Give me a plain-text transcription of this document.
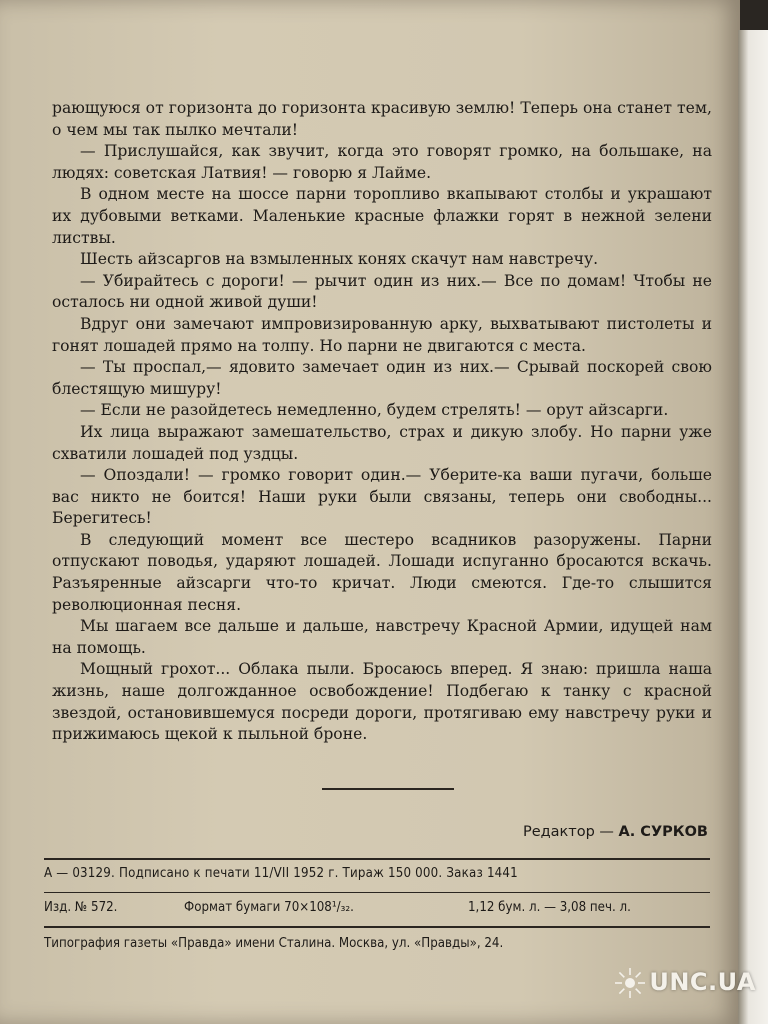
рающуюся от горизонта до горизонта красивую землю! Теперь она станет тем, о чем мы так пылко мечтали!

— Прислушайся, как звучит, когда это говорят громко, на большаке, на людях: советская Латвия! — говорю я Лайме.

В одном месте на шоссе парни торопливо вкапывают столбы и украшают их дубовыми ветками. Маленькие красные флажки горят в нежной зелени листвы.

Шесть айзсаргов на взмыленных конях скачут нам навстречу.

— Убирайтесь с дороги! — рычит один из них.— Все по домам! Чтобы не осталось ни одной живой души!

Вдруг они замечают импровизированную арку, выхватывают пистолеты и гонят лошадей прямо на толпу. Но парни не двигаются с места.

— Ты проспал,— ядовито замечает один из них.— Срывай поскорей свою блестящую мишуру!

— Если не разойдетесь немедленно, будем стрелять! — орут айзсарги.

Их лица выражают замешательство, страх и дикую злобу. Но парни уже схватили лошадей под уздцы.

— Опоздали! — громко говорит один.— Уберите-ка ваши пугачи, больше вас никто не боится! Наши руки были связаны, теперь они свободны... Берегитесь!

В следующий момент все шестеро всадников разоружены. Парни отпускают поводья, ударяют лошадей. Лошади испуганно бросаются вскачь. Разъяренные айзсарги что-то кричат. Люди смеются. Где-то слышится революционная песня.

Мы шагаем все дальше и дальше, навстречу Красной Армии, идущей нам на помощь.

Мощный грохот... Облака пыли. Бросаюсь вперед. Я знаю: пришла наша жизнь, наше долгожданное освобождение! Подбегаю к танку с красной звездой, остановившемуся посреди дороги, протягиваю ему навстречу руки и прижимаюсь щекой к пыльной броне.

Редактор — А. СУРКОВ
А — 03129. Подписано к печати 11/VII 1952 г. Тираж 150 000. Заказ 1441
Изд. № 572.	Формат бумаги 70×108¹/₃₂.	1,12 бум. л. — 3,08 печ. л.
Типография газеты «Правда» имени Сталина. Москва, ул. «Правды», 24.
UNC.UA
